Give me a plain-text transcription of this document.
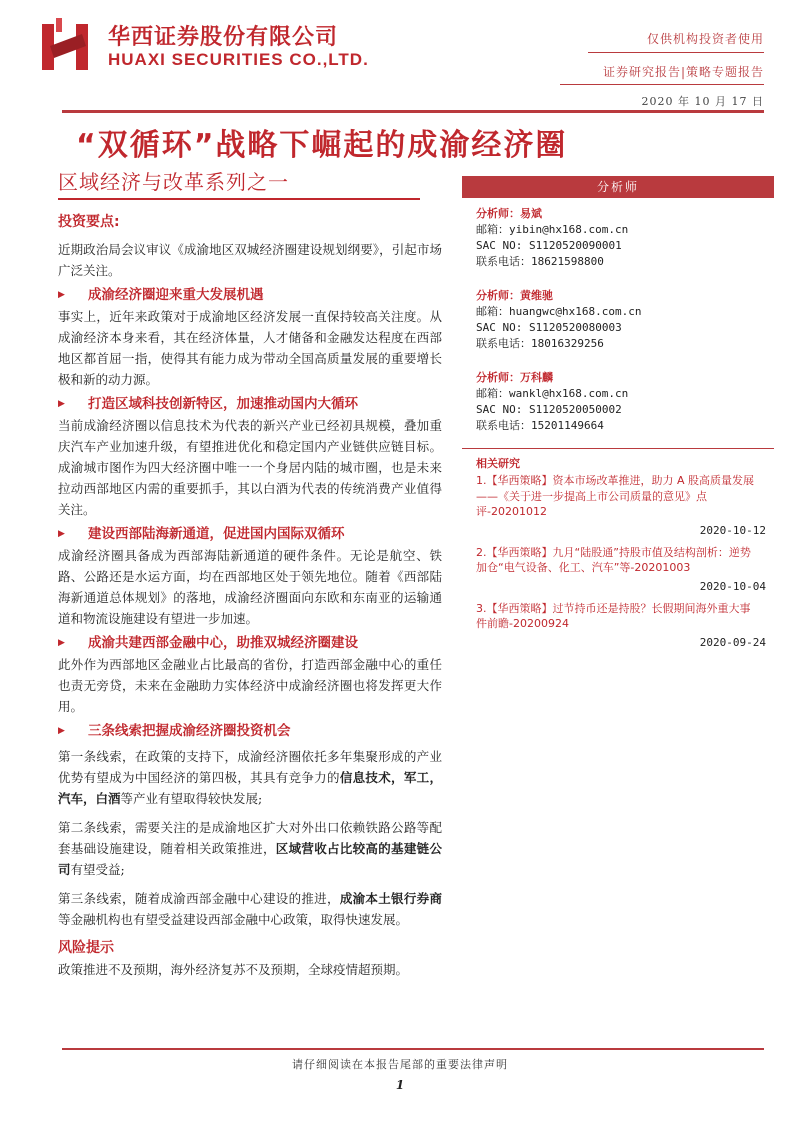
华西证券股份有限公司
HUAXI SECURITIES CO.,LTD.
仅供机构投资者使用
证券研究报告|策略专题报告
2020 年 10 月 17 日
“双循环”战略下崛起的成渝经济圈
区域经济与改革系列之一
投资要点:
近期政治局会议审议《成渝地区双城经济圈建设规划纲要》，引起市场广泛关注。
▶ 成渝经济圈迎来重大发展机遇
事实上，近年来政策对于成渝地区经济发展一直保持较高关注度。从成渝经济本身来看，其在经济体量，人才储备和金融发达程度在西部地区都首屈一指，使得其有能力成为带动全国高质量发展的重要增长极和新的动力源。
▶ 打造区域科技创新特区，加速推动国内大循环
当前成渝经济圈以信息技术为代表的新兴产业已经初具规模，叠加重庆汽车产业加速升级，有望推进优化和稳定国内产业链供应链目标。成渝城市图作为四大经济圈中唯一一个身居内陆的城市圈，也是未来拉动西部地区内需的重要抓手，其以白酒为代表的传统消费产业值得关注。
▶ 建设西部陆海新通道，促进国内国际双循环
成渝经济圈具备成为西部海陆新通道的硬件条件。无论是航空、铁路、公路还是水运方面，均在西部地区处于领先地位。随着《西部陆海新通道总体规划》的落地，成渝经济圈面向东欧和东南亚的运输通道和物流设施建设有望进一步加速。
▶ 成渝共建西部金融中心，助推双城经济圈建设
此外作为西部地区金融业占比最高的省份，打造西部金融中心的重任也责无旁贷，未来在金融助力实体经济中成渝经济圈也将发挥更大作用。
▶ 三条线索把握成渝经济圈投资机会
第一条线索，在政策的支持下，成渝经济圈依托多年集聚形成的产业优势有望成为中国经济的第四极，其具有竞争力的信息技术，军工，汽车，白酒等产业有望取得较快发展;
第二条线索，需要关注的是成渝地区扩大对外出口依赖铁路公路等配套基础设施建设，随着相关政策推进，区域营收占比较高的基建链公司有望受益;
第三条线索，随着成渝西部金融中心建设的推进，成渝本土银行券商等金融机构也有望受益建设西部金融中心政策，取得快速发展。
风险提示
政策推进不及预期，海外经济复苏不及预期，全球疫情超预期。
分析师
分析师：易斌
邮箱：yibin@hx168.com.cn
SAC NO: S1120520090001
联系电话：18621598800
分析师：黄维驰
邮箱：huangwc@hx168.com.cn
SAC NO: S1120520080003
联系电话：18016329256
分析师：万科麟
邮箱：wankl@hx168.com.cn
SAC NO: S1120520050002
联系电话：15201149664
相关研究
1.【华西策略】资本市场改革推进，助力 A 股高质量发展——《关于进一步提高上市公司质量的意见》点评-20201012
2020-10-12
2.【华西策略】九月“陆股通”持股市值及结构剖析：逆势加仓“电气设备、化工、汽车”等-20201003
2020-10-04
3.【华西策略】过节持币还是持股？长假期间海外重大事件前瞻-20200924
2020-09-24
请仔细阅读在本报告尾部的重要法律声明
1
